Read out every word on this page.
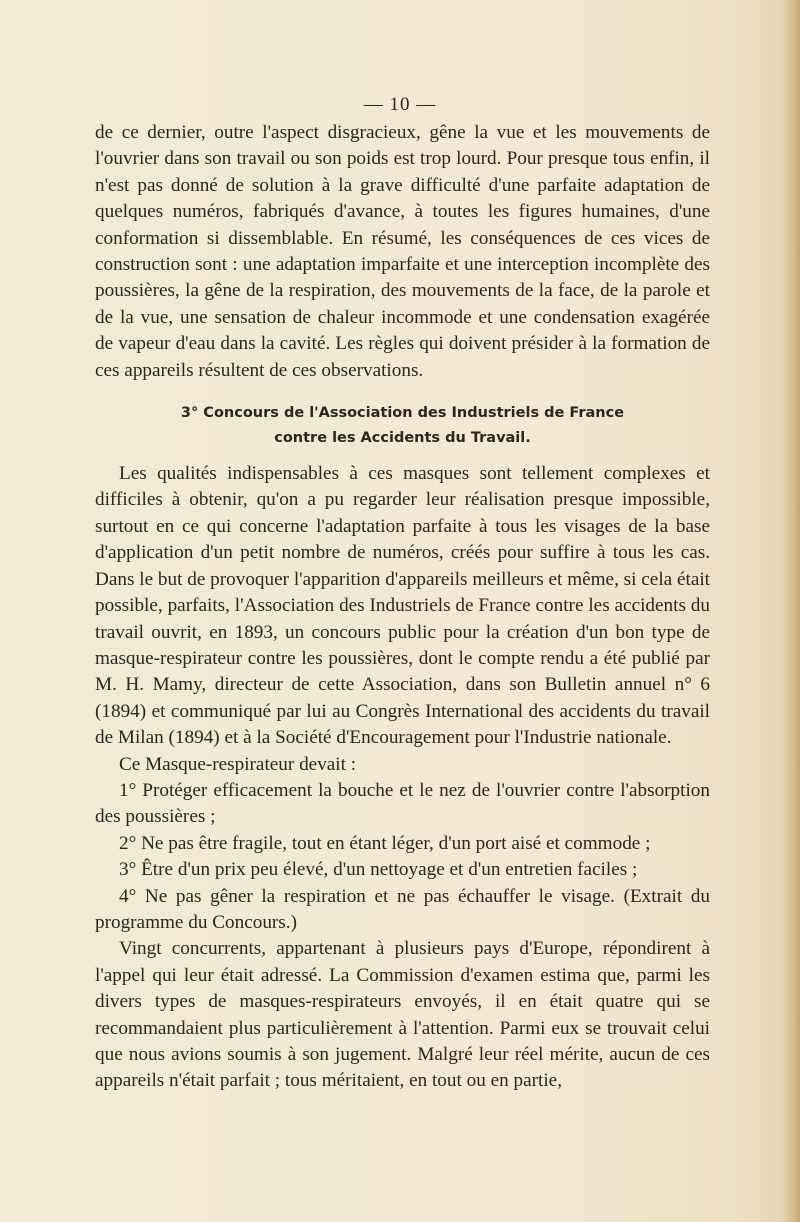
— 10 —

de ce dernier, outre l'aspect disgracieux, gêne la vue et les mouvements de l'ouvrier dans son travail ou son poids est trop lourd. Pour presque tous enfin, il n'est pas donné de solution à la grave difficulté d'une parfaite adaptation de quelques numéros, fabriqués d'avance, à toutes les figures humaines, d'une conformation si dissemblable. En résumé, les conséquences de ces vices de construction sont : une adaptation imparfaite et une interception incomplète des poussières, la gêne de la respiration, des mouvements de la face, de la parole et de la vue, une sensation de chaleur incommode et une condensation exagérée de vapeur d'eau dans la cavité. Les règles qui doivent présider à la formation de ces appareils résultent de ces observations.

3° Concours de l'Association des Industriels de France
contre les Accidents du Travail.

Les qualités indispensables à ces masques sont tellement complexes et difficiles à obtenir, qu'on a pu regarder leur réalisation presque impossible, surtout en ce qui concerne l'adaptation parfaite à tous les visages de la base d'application d'un petit nombre de numéros, créés pour suffire à tous les cas. Dans le but de provoquer l'apparition d'appareils meilleurs et même, si cela était possible, parfaits, l'Association des Industriels de France contre les accidents du travail ouvrit, en 1893, un concours public pour la création d'un bon type de masque-respirateur contre les poussières, dont le compte rendu a été publié par M. H. Mamy, directeur de cette Association, dans son Bulletin annuel n° 6 (1894) et communiqué par lui au Congrès International des accidents du travail de Milan (1894) et à la Société d'Encouragement pour l'Industrie nationale.

Ce Masque-respirateur devait :

1° Protéger efficacement la bouche et le nez de l'ouvrier contre l'absorption des poussières ;

2° Ne pas être fragile, tout en étant léger, d'un port aisé et commode ;

3° Être d'un prix peu élevé, d'un nettoyage et d'un entretien faciles ;

4° Ne pas gêner la respiration et ne pas échauffer le visage. (Extrait du programme du Concours.)

Vingt concurrents, appartenant à plusieurs pays d'Europe, répondirent à l'appel qui leur était adressé. La Commission d'examen estima que, parmi les divers types de masques-respirateurs envoyés, il en était quatre qui se recommandaient plus particulièrement à l'attention. Parmi eux se trouvait celui que nous avions soumis à son jugement. Malgré leur réel mérite, aucun de ces appareils n'était parfait ; tous méritaient, en tout ou en partie,
